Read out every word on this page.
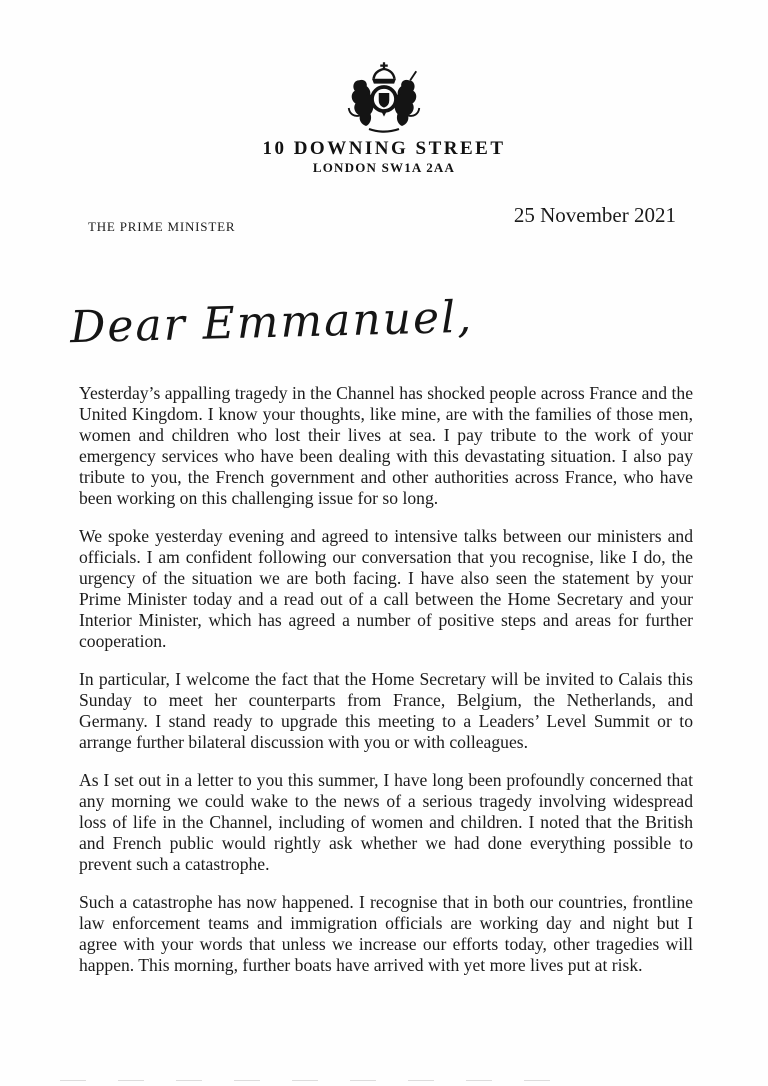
10 DOWNING STREET
LONDON SW1A 2AA
THE PRIME MINISTER	25 November 2021
Dear Emmanuel,

Yesterday’s appalling tragedy in the Channel has shocked people across France and the United Kingdom. I know your thoughts, like mine, are with the families of those men, women and children who lost their lives at sea. I pay tribute to the work of your emergency services who have been dealing with this devastating situation. I also pay tribute to you, the French government and other authorities across France, who have been working on this challenging issue for so long.

We spoke yesterday evening and agreed to intensive talks between our ministers and officials. I am confident following our conversation that you recognise, like I do, the urgency of the situation we are both facing. I have also seen the statement by your Prime Minister today and a read out of a call between the Home Secretary and your Interior Minister, which has agreed a number of positive steps and areas for further cooperation.

In particular, I welcome the fact that the Home Secretary will be invited to Calais this Sunday to meet her counterparts from France, Belgium, the Netherlands, and Germany. I stand ready to upgrade this meeting to a Leaders’ Level Summit or to arrange further bilateral discussion with you or with colleagues.

As I set out in a letter to you this summer, I have long been profoundly concerned that any morning we could wake to the news of a serious tragedy involving widespread loss of life in the Channel, including of women and children. I noted that the British and French public would rightly ask whether we had done everything possible to prevent such a catastrophe.

Such a catastrophe has now happened. I recognise that in both our countries, frontline law enforcement teams and immigration officials are working day and night but I agree with your words that unless we increase our efforts today, other tragedies will happen. This morning, further boats have arrived with yet more lives put at risk.
